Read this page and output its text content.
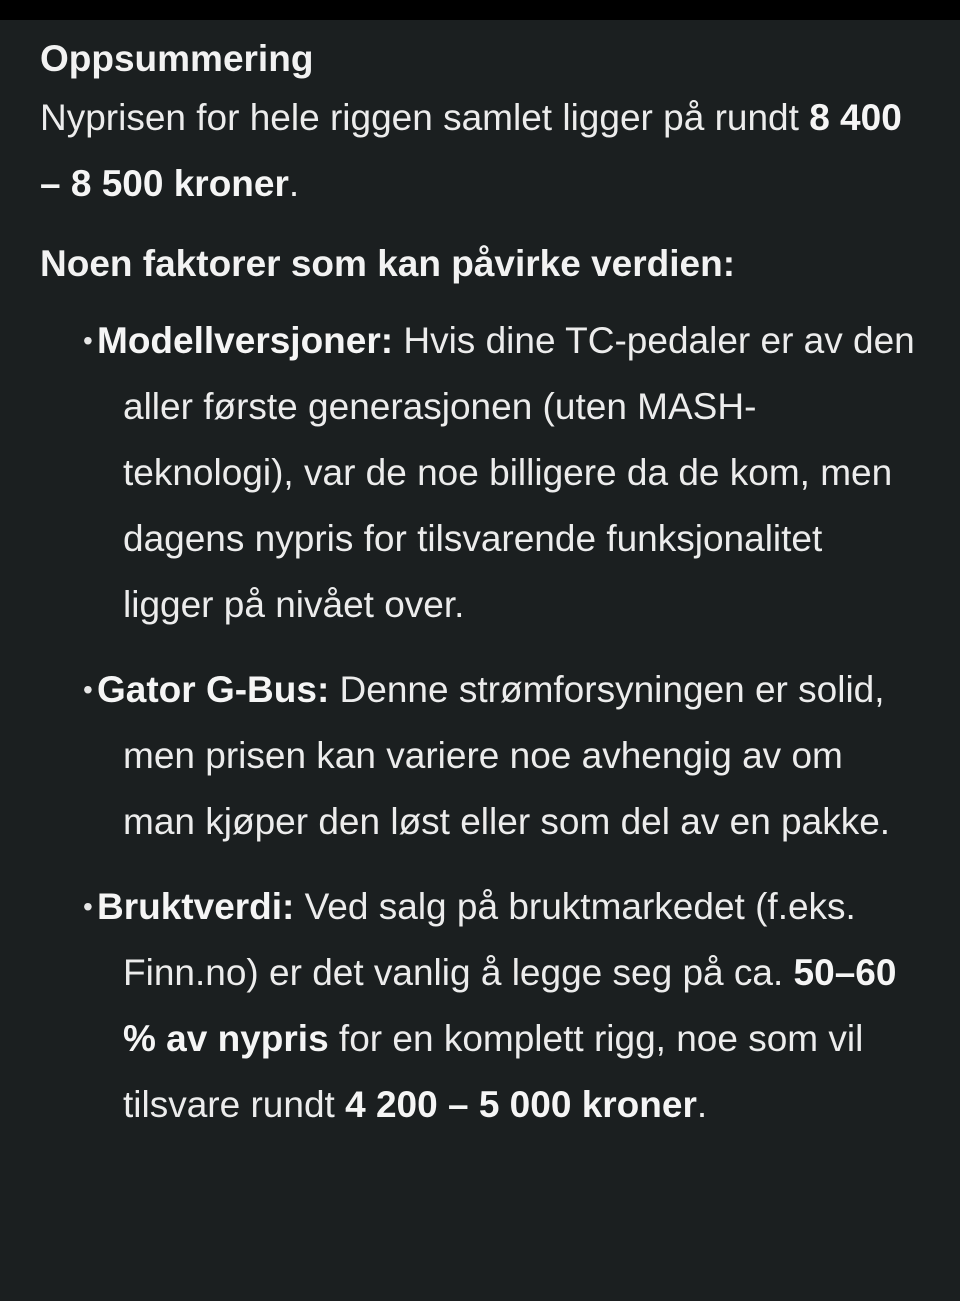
Oppsummering
Nyprisen for hele riggen samlet ligger på rundt 8 400 – 8 500 kroner.
Noen faktorer som kan påvirke verdien:
• Modellversjoner: Hvis dine TC-pedaler er av den aller første generasjonen (uten MASH-teknologi), var de noe billigere da de kom, men dagens nypris for tilsvarende funksjonalitet ligger på nivået over.
• Gator G-Bus: Denne strømforsyningen er solid, men prisen kan variere noe avhengig av om man kjøper den løst eller som del av en pakke.
• Bruktverdi: Ved salg på bruktmarkedet (f.eks. Finn.no) er det vanlig å legge seg på ca. 50–60 % av nypris for en komplett rigg, noe som vil tilsvare rundt 4 200 – 5 000 kroner.
